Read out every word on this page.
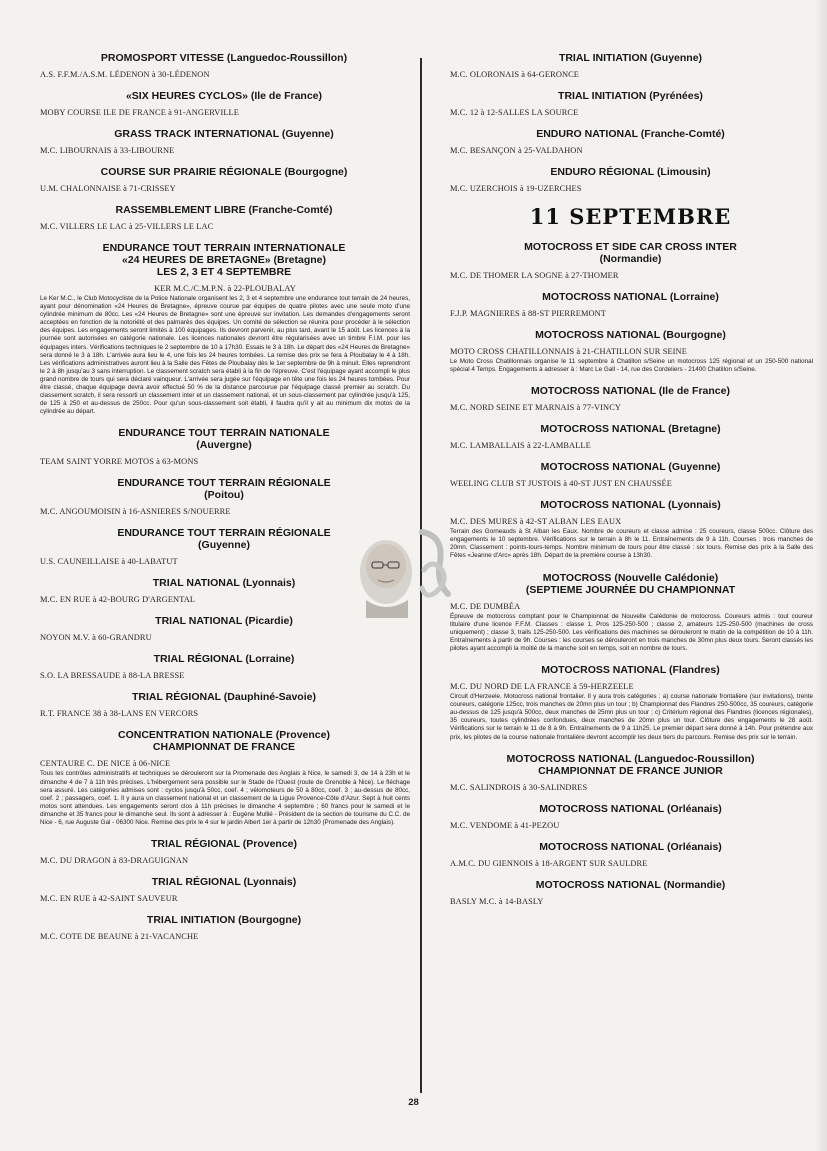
PROMOSPORT VITESSE (Languedoc-Roussillon)
A.S. F.F.M./A.S.M. LÉDENON à 30-LÉDENON
«SIX HEURES CYCLOS» (Ile de France)
MOBY COURSE ILE DE FRANCE à 91-ANGERVILLE
GRASS TRACK INTERNATIONAL (Guyenne)
M.C. LIBOURNAIS à 33-LIBOURNE
COURSE SUR PRAIRIE RÉGIONALE (Bourgogne)
U.M. CHALONNAISE à 71-CRISSEY
RASSEMBLEMENT LIBRE (Franche-Comté)
M.C. VILLERS LE LAC à 25-VILLERS LE LAC
ENDURANCE TOUT TERRAIN INTERNATIONALE
«24 HEURES DE BRETAGNE» (Bretagne)
LES 2, 3 ET 4 SEPTEMBRE
KER M.C./C.M.P.N. à 22-PLOUBALAY
Le Ker M.C., le Club Motocycliste de la Police Nationale organisent les 2, 3 et 4 septembre une endurance tout terrain de 24 heures, ayant pour dénomination «24 Heures de Bretagne», épreuve courue par équipes de quatre pilotes avec une seule moto d'une cylindrée minimum de 80cc. Les «24 Heures de Bretagne» sont une épreuve sur invitation. Les demandes d'engagements seront acceptées en fonction de la notoriété et des palmarès des équipes. Un comité de sélection se réunira pour procéder à le sélection des équipes. Les engagements seront limités à 100 équipages. Ils devront parvenir, au plus tard, avant le 15 août. Les licences à la journée sont autorisées en catégorie nationale. Les licences nationales devront être régularisées avec un timbre F.I.M. pour les équipages inters. Vérifications techniques le 2 septembre de 10 à 17h30. Essais le 3 à 18h. Le départ des «24 Heures de Bretagne» sera donné le 3 à 18h. L'arrivée aura lieu le 4, une fois les 24 heures tombées. La remise des prix se fera à Ploubalay le 4 à 18h. Les vérifications administratives auront lieu à la Salle des Fêtes de Ploubalay dès le 1er septembre de 9h à minuit. Elles reprendront le 2 à 8h jusqu'au 3 sans interruption. Le classement scratch sera établi à la fin de l'épreuve. C'est l'équipage ayant accompli le plus grand nombre de tours qui sera déclaré vainqueur. L'arrivée sera jugée sur l'équipage en tête une fois les 24 heures tombées. Pour être classé, chaque équipage devra avoir effectué 50 % de la distance parcourue par l'équipage classé premier au scratch. Du classement scratch, il sera ressorti un classement inter et un classement national, et un sous-classement par cylindrée jusqu'à 125, de 125 à 250 et au-dessus de 250cc. Pour qu'un sous-classement soit établi, il faudra qu'il y ait au minimum dix motos de la cylindrée au départ.
ENDURANCE TOUT TERRAIN NATIONALE
(Auvergne)
TEAM SAINT YORRE MOTOS à 63-MONS
ENDURANCE TOUT TERRAIN RÉGIONALE
(Poitou)
M.C. ANGOUMOISIN à 16-ASNIERES S/NOUERRE
ENDURANCE TOUT TERRAIN RÉGIONALE
(Guyenne)
U.S. CAUNEILLAISE à 40-LABATUT
TRIAL NATIONAL (Lyonnais)
M.C. EN RUE à 42-BOURG D'ARGENTAL
TRIAL NATIONAL (Picardie)
NOYON M.V. à 60-GRANDRU
TRIAL RÉGIONAL (Lorraine)
S.O. LA BRESSAUDE à 88-LA BRESSE
TRIAL RÉGIONAL (Dauphiné-Savoie)
R.T. FRANCE 38 à 38-LANS EN VERCORS
CONCENTRATION NATIONALE (Provence)
CHAMPIONNAT DE FRANCE
CENTAURE C. DE NICE à 06-NICE
Tous les contrôles administratifs et techniques se dérouleront sur la Promenade des Anglais à Nice, le samedi 3, de 14 à 23h et le dimanche 4 de 7 à 11h très précises. L'hébergement sera possible sur le Stade de l'Ouest (route de Grenoble à Nice). Le fléchage sera assuré. Les catégories admises sont : cyclos jusqu'à 50cc, coef. 4 ; vélomoteurs de 50 à 80cc, coef. 3 ; au-dessus de 80cc, coef. 2 ; passagers, coef. 1. Il y aura un classement national et un classement de la Ligue Provence-Côte d'Azur. Sept à huit cents motos sont attendues. Les engagements seront clos à 11h précises le dimanche 4 septembre ; 60 francs pour le samedi et le dimanche et 35 francs pour le dimanche seul. Ils sont à adresser à : Eugène Mullié - Président de la section de tourisme du C.C. de Nice - 6, rue Auguste Gal - 06300 Nice. Remise des prix le 4 sur le jardin Albert 1er à partir de 12h30 (Promenade des Anglais).
TRIAL RÉGIONAL (Provence)
M.C. DU DRAGON à 83-DRAGUIGNAN
TRIAL RÉGIONAL (Lyonnais)
M.C. EN RUE à 42-SAINT SAUVEUR
TRIAL INITIATION (Bourgogne)
M.C. COTE DE BEAUNE à 21-VACANCHE
TRIAL INITIATION (Guyenne)
M.C. OLORONAIS à 64-GERONCE
TRIAL INITIATION (Pyrénées)
M.C. 12 à 12-SALLES LA SOURCE
ENDURO NATIONAL (Franche-Comté)
M.C. BESANÇON à 25-VALDAHON
ENDURO RÉGIONAL (Limousin)
M.C. UZERCHOIS à 19-UZERCHES
11 SEPTEMBRE
MOTOCROSS ET SIDE CAR CROSS INTER
(Normandie)
M.C. DE THOMER LA SOGNE à 27-THOMER
MOTOCROSS NATIONAL (Lorraine)
F.J.P. MAGNIERES à 88-ST PIERREMONT
MOTOCROSS NATIONAL (Bourgogne)
MOTO CROSS CHATILLONNAIS à 21-CHATILLON SUR SEINE
Le Moto Cross Chatillonnais organise le 11 septembre à Chatillon s/Seine un motocross 125 régional et un 250-500 national spécial 4 Temps. Engagements à adresser à : Marc Le Gall - 14, rue des Cordeliers - 21400 Chatillon s/Seine.
MOTOCROSS NATIONAL (Ile de France)
M.C. NORD SEINE ET MARNAIS à 77-VINCY
MOTOCROSS NATIONAL (Bretagne)
M.C. LAMBALLAIS à 22-LAMBALLE
MOTOCROSS NATIONAL (Guyenne)
WEELING CLUB ST JUSTOIS à 40-ST JUST EN CHAUSSÉE
MOTOCROSS NATIONAL (Lyonnais)
M.C. DES MURES à 42-ST ALBAN LES EAUX
Terrain des Gorneauds à St Alban les Eaux. Nombre de coureurs et classe admise : 25 coureurs, classe 500cc. Clôture des engagements le 10 septembre. Vérifications sur le terrain à 8h le 11. Entraînements de 9 à 11h. Courses : trois manches de 20mn. Classement : points-tours-temps. Nombre minimum de tours pour être classé : six tours. Remise des prix à la Salle des Fêtes «Jeanne d'Arc» après 18h. Départ de la première course à 13h30.
MOTOCROSS (Nouvelle Calédonie)
(SEPTIEME JOURNÉE DU CHAMPIONNAT
M.C. DE DUMBÉA
Épreuve de motocross comptant pour le Championnat de Nouvelle Calédonie de motocross. Coureurs admis : tout coureur titulaire d'une licence F.F.M. Classes : classe 1, Pros 125-250-500 ; classe 2, amateurs 125-250-500 (machines de cross uniquement) ; classe 3, trails 125-250-500. Les vérifications des machines se dérouleront le matin de la compétition de 10 à 11h. Entraînements à partir de 9h. Courses : les courses se dérouleront en trois manches de 30mn plus deux tours. Seront classés les pilotes ayant accompli la moitié de la manche soit en temps, soit en nombre de tours.
MOTOCROSS NATIONAL (Flandres)
M.C. DU NORD DE LA FRANCE à 59-HERZEELE
Circuit d'Herzeele. Motocross national frontalier. Il y aura trois catégories : a) course nationale frontalière (sur invitations), trente coureurs, catégorie 125cc, trois manches de 20mn plus un tour ; b) Championnat des Flandres 250-500cc, 35 coureurs, catégorie au-dessus de 125 jusqu'à 500cc, deux manches de 25mn plus un tour ; c) Critérium régional des Flandres (licences régionales), 35 coureurs, toutes cylindrées confondues, deux manches de 20mn plus un tour. Clôture des engagements le 28 août. Vérifications sur le terrain le 11 de 8 à 9h. Entraînements de 9 à 11h25. Le premier départ sera donné à 14h. Pour prétendre aux prix, les pilotes de la course nationale frontalière devront accomplir les deux tiers du parcours. Remise des prix sur le terrain.
MOTOCROSS NATIONAL (Languedoc-Roussillon)
CHAMPIONNAT DE FRANCE JUNIOR
M.C. SALINDROIS à 30-SALINDRES
MOTOCROSS NATIONAL (Orléanais)
M.C. VENDOME à 41-PEZOU
MOTOCROSS NATIONAL (Orléanais)
A.M.C. DU GIENNOIS à 18-ARGENT SUR SAULDRE
MOTOCROSS NATIONAL (Normandie)
BASLY M.C. à 14-BASLY
28
